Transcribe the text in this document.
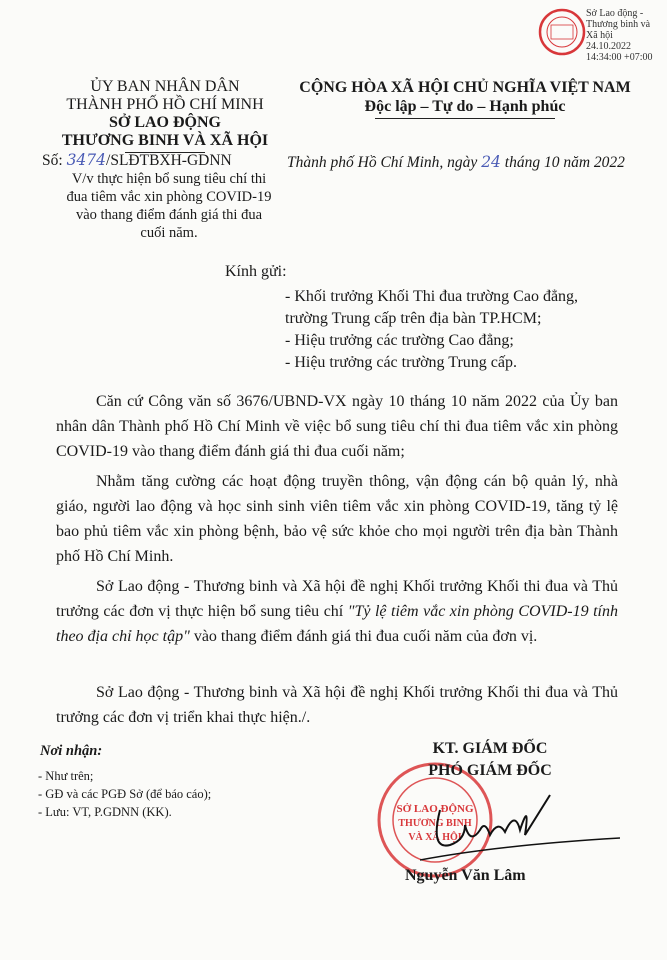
Sở Lao động -
Thương binh và
Xã hội
24.10.2022
14:34:00 +07:00
ỦY BAN NHÂN DÂN
THÀNH PHỐ HỒ CHÍ MINH
SỞ LAO ĐỘNG
THƯƠNG BINH VÀ XÃ HỘI
CỘNG HÒA XÃ HỘI CHỦ NGHĨA VIỆT NAM
Độc lập – Tự do – Hạnh phúc
Số: 3474/SLĐTBXH-GDNN
V/v thực hiện bổ sung tiêu chí thi
đua tiêm vắc xin phòng COVID-19
vào thang điểm đánh giá thi đua
cuối năm.
Thành phố Hồ Chí Minh, ngày 24 tháng 10 năm 2022
Kính gửi:
- Khối trưởng Khối Thi đua trường Cao đẳng,
trường Trung cấp trên địa bàn TP.HCM;
- Hiệu trưởng các trường Cao đẳng;
- Hiệu trưởng các trường Trung cấp.

Căn cứ Công văn số 3676/UBND-VX ngày 10 tháng 10 năm 2022 của Ủy ban nhân dân Thành phố Hồ Chí Minh về việc bổ sung tiêu chí thi đua tiêm vắc xin phòng COVID-19 vào thang điểm đánh giá thi đua cuối năm;

Nhằm tăng cường các hoạt động truyền thông, vận động cán bộ quản lý, nhà giáo, người lao động và học sinh sinh viên tiêm vắc xin phòng COVID-19, tăng tỷ lệ bao phủ tiêm vắc xin phòng bệnh, bảo vệ sức khỏe cho mọi người trên địa bàn Thành phố Hồ Chí Minh.

Sở Lao động - Thương binh và Xã hội đề nghị Khối trưởng Khối thi đua và Thủ trưởng các đơn vị thực hiện bổ sung tiêu chí "Tỷ lệ tiêm vắc xin phòng COVID-19 tính theo địa chỉ học tập" vào thang điểm đánh giá thi đua cuối năm của đơn vị.

Sở Lao động - Thương binh và Xã hội đề nghị Khối trưởng Khối thi đua và Thủ trưởng các đơn vị triển khai thực hiện./.

Nơi nhận:
- Như trên;
- GĐ và các PGĐ Sở (để báo cáo);
- Lưu: VT, P.GDNN (KK).	SỞ LAO ĐỘNG
THƯƠNG BINH
VÀ XÃ HỘI
KT. GIÁM ĐỐC
PHÓ GIÁM ĐỐC
Nguyễn Văn Lâm
